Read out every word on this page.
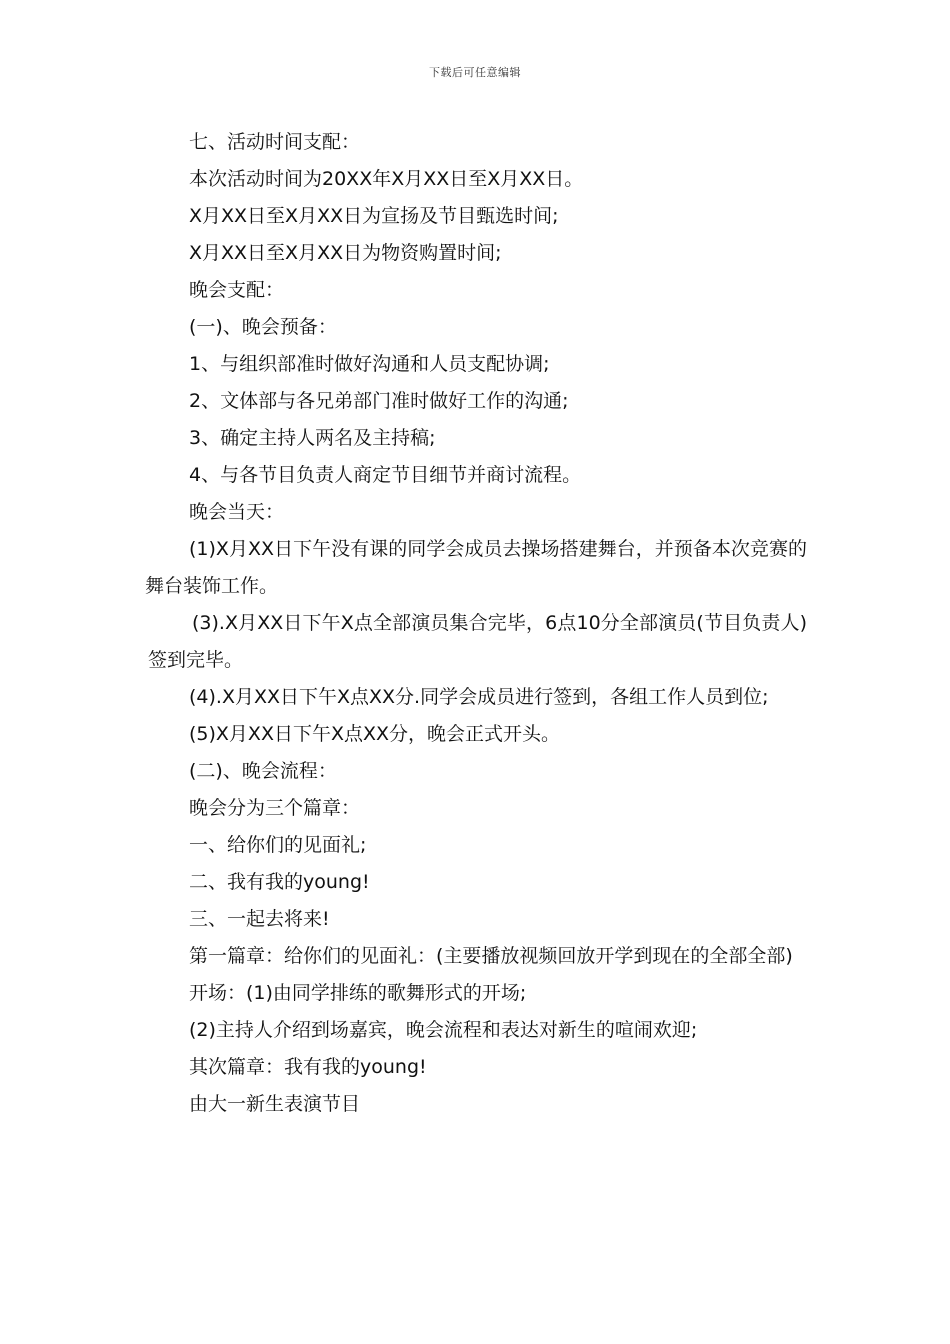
下载后可任意编辑

七、活动时间支配：

本次活动时间为20XX年X月XX日至X月XX日。

X月XX日至X月XX日为宣扬及节目甄选时间;

X月XX日至X月XX日为物资购置时间;

晚会支配：

(一)、晚会预备：

1、与组织部准时做好沟通和人员支配协调;

2、文体部与各兄弟部门准时做好工作的沟通;

3、确定主持人两名及主持稿;

4、与各节目负责人商定节目细节并商讨流程。

晚会当天：

(1)X月XX日下午没有课的同学会成员去操场搭建舞台，并预备本次竞赛的舞台装饰工作。

(3).X月XX日下午X点全部演员集合完毕，6点10分全部演员(节目负责人)签到完毕。

(4).X月XX日下午X点XX分.同学会成员进行签到，各组工作人员到位;

(5)X月XX日下午X点XX分，晚会正式开头。

(二)、晚会流程：

晚会分为三个篇章：

一、给你们的见面礼;

二、我有我的young!

三、一起去将来!

第一篇章：给你们的见面礼：(主要播放视频回放开学到现在的全部全部)

开场：(1)由同学排练的歌舞形式的开场;

(2)主持人介绍到场嘉宾，晚会流程和表达对新生的喧闹欢迎;

其次篇章：我有我的young!

由大一新生表演节目
